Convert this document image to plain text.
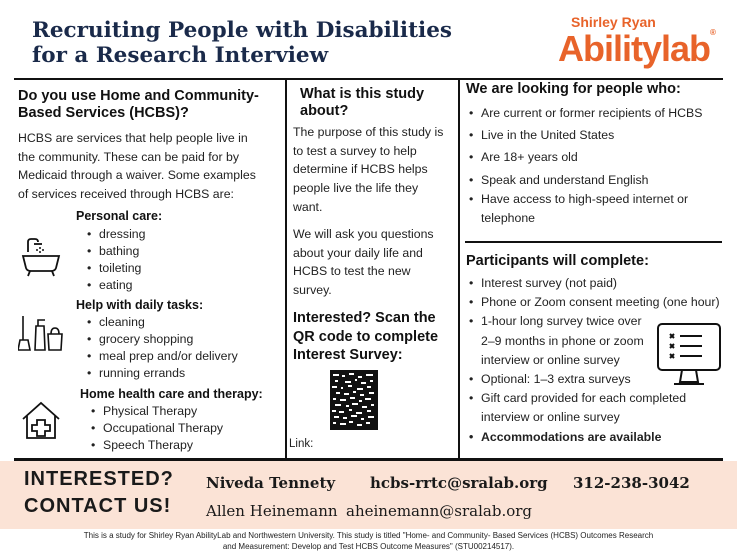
Recruiting People with Disabilities
for a Research Interview
Shirley Ryan
Abilitylab®
Do you use Home and Community-
Based Services (HCBS)?
HCBS are services that help people live in
the community. These can be paid for by
Medicaid through a waiver. Some examples
of services received through HCBS are:
Personal care:
• dressing
• bathing
• toileting
• eating
Help with daily tasks:
• cleaning
• grocery shopping
• meal prep and/or delivery
• running errands
Home health care and therapy:
• Physical Therapy
• Occupational Therapy
• Speech Therapy
What is this study
about?
The purpose of this study is
to test a survey to help
determine if HCBS helps
people live the life they
want.
We will ask you questions
about your daily life and
HCBS to test the new
survey.
Interested? Scan the
QR code to complete
Interest Survey:
Link:
We are looking for people who:
• Are current or former recipients of HCBS
• Live in the United States
• Are 18+ years old
• Speak and understand English
• Have access to high-speed internet or
telephone
Participants will complete:
• Interest survey (not paid)
• Phone or Zoom consent meeting (one hour)
• 1-hour long survey twice over
2–9 months in phone or zoom
interview or online survey
• Optional: 1–3 extra surveys
• Gift card provided for each completed
interview or online survey
• Accommodations are available
INTERESTED?
CONTACT US!
Niveda Tennety hcbs-rrtc@sralab.org 312-238-3042
Allen Heinemann aheinemann@sralab.org
This is a study for Shirley Ryan AbilityLab and Northwestern University. This study is titled "Home- and Community- Based Services (HCBS) Outcomes Research
and Measurement: Develop and Test HCBS Outcome Measures" (STU00214517).
